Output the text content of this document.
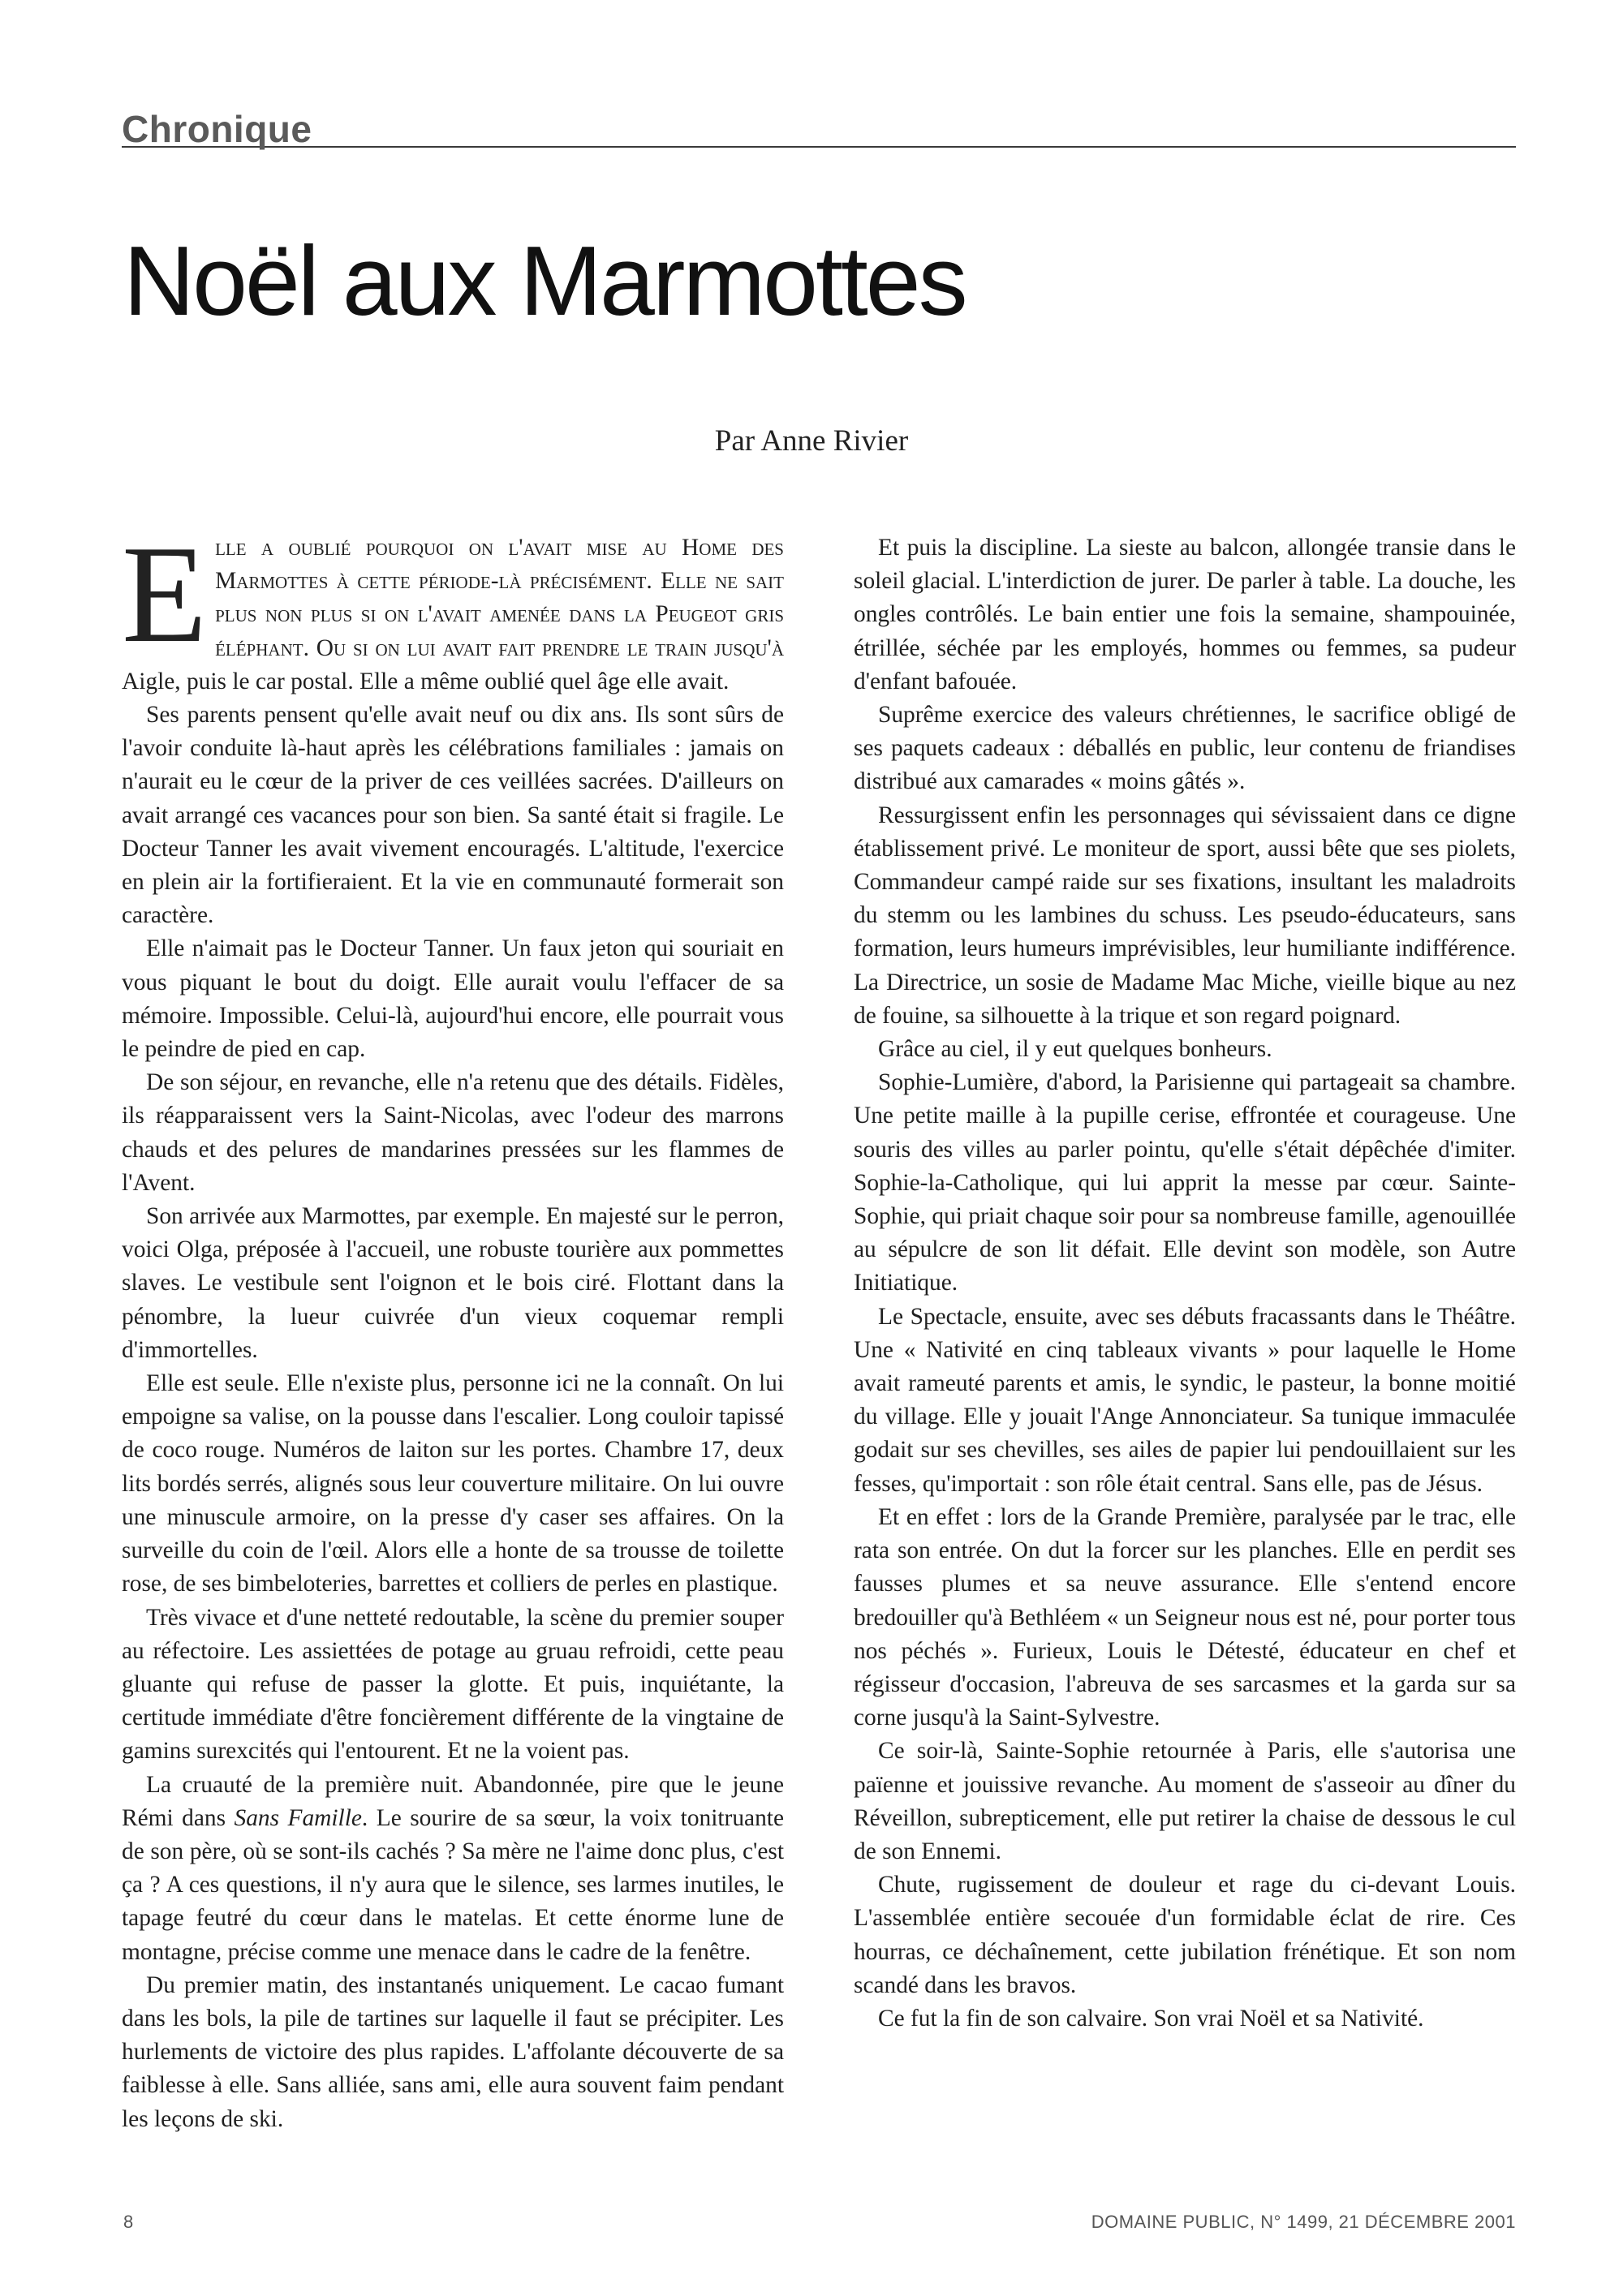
Chronique
Noël aux Marmottes
Par Anne Rivier

Elle a oublié pourquoi on l'avait mise au Home des Marmottes à cette période-là précisément. Elle ne sait plus non plus si on l'avait amenée dans la Peugeot gris éléphant. Ou si on lui avait fait prendre le train jusqu'à Aigle, puis le car postal. Elle a même oublié quel âge elle avait.

Ses parents pensent qu'elle avait neuf ou dix ans. Ils sont sûrs de l'avoir conduite là-haut après les célébrations familiales : jamais on n'aurait eu le cœur de la priver de ces veillées sacrées. D'ailleurs on avait arrangé ces vacances pour son bien. Sa santé était si fragile. Le Docteur Tanner les avait vivement encouragés. L'altitude, l'exercice en plein air la fortifieraient. Et la vie en communauté formerait son caractère.

Elle n'aimait pas le Docteur Tanner. Un faux jeton qui souriait en vous piquant le bout du doigt. Elle aurait voulu l'effacer de sa mémoire. Impossible. Celui-là, aujourd'hui encore, elle pourrait vous le peindre de pied en cap.

De son séjour, en revanche, elle n'a retenu que des détails. Fidèles, ils réapparaissent vers la Saint-Nicolas, avec l'odeur des marrons chauds et des pelures de mandarines pressées sur les flammes de l'Avent.

Son arrivée aux Marmottes, par exemple. En majesté sur le perron, voici Olga, préposée à l'accueil, une robuste tourière aux pommettes slaves. Le vestibule sent l'oignon et le bois ciré. Flottant dans la pénombre, la lueur cuivrée d'un vieux coquemar rempli d'immortelles.

Elle est seule. Elle n'existe plus, personne ici ne la connaît. On lui empoigne sa valise, on la pousse dans l'escalier. Long couloir tapissé de coco rouge. Numéros de laiton sur les portes. Chambre 17, deux lits bordés serrés, alignés sous leur couverture militaire. On lui ouvre une minuscule armoire, on la presse d'y caser ses affaires. On la surveille du coin de l'œil. Alors elle a honte de sa trousse de toilette rose, de ses bimbeloteries, barrettes et colliers de perles en plastique.

Très vivace et d'une netteté redoutable, la scène du premier souper au réfectoire. Les assiettées de potage au gruau refroidi, cette peau gluante qui refuse de passer la glotte. Et puis, inquiétante, la certitude immédiate d'être foncièrement différente de la vingtaine de gamins surexcités qui l'entourent. Et ne la voient pas.

La cruauté de la première nuit. Abandonnée, pire que le jeune Rémi dans Sans Famille. Le sourire de sa sœur, la voix tonitruante de son père, où se sont-ils cachés ? Sa mère ne l'aime donc plus, c'est ça ? A ces questions, il n'y aura que le silence, ses larmes inutiles, le tapage feutré du cœur dans le matelas. Et cette énorme lune de montagne, précise comme une menace dans le cadre de la fenêtre.

Du premier matin, des instantanés uniquement. Le cacao fumant dans les bols, la pile de tartines sur laquelle il faut se précipiter. Les hurlements de victoire des plus rapides. L'affolante découverte de sa faiblesse à elle. Sans alliée, sans ami, elle aura souvent faim pendant les leçons de ski.

Et puis la discipline. La sieste au balcon, allongée transie dans le soleil glacial. L'interdiction de jurer. De parler à table. La douche, les ongles contrôlés. Le bain entier une fois la semaine, shampouinée, étrillée, séchée par les employés, hommes ou femmes, sa pudeur d'enfant bafouée.

Suprême exercice des valeurs chrétiennes, le sacrifice obligé de ses paquets cadeaux : déballés en public, leur contenu de friandises distribué aux camarades « moins gâtés ».

Ressurgissent enfin les personnages qui sévissaient dans ce digne établissement privé. Le moniteur de sport, aussi bête que ses piolets, Commandeur campé raide sur ses fixations, insultant les maladroits du stemm ou les lambines du schuss. Les pseudo-éducateurs, sans formation, leurs humeurs imprévisibles, leur humiliante indifférence. La Directrice, un sosie de Madame Mac Miche, vieille bique au nez de fouine, sa silhouette à la trique et son regard poignard.

Grâce au ciel, il y eut quelques bonheurs.

Sophie-Lumière, d'abord, la Parisienne qui partageait sa chambre. Une petite maille à la pupille cerise, effrontée et courageuse. Une souris des villes au parler pointu, qu'elle s'était dépêchée d'imiter. Sophie-la-Catholique, qui lui apprit la messe par cœur. Sainte-Sophie, qui priait chaque soir pour sa nombreuse famille, agenouillée au sépulcre de son lit défait. Elle devint son modèle, son Autre Initiatique.

Le Spectacle, ensuite, avec ses débuts fracassants dans le Théâtre. Une « Nativité en cinq tableaux vivants » pour laquelle le Home avait rameuté parents et amis, le syndic, le pasteur, la bonne moitié du village. Elle y jouait l'Ange Annonciateur. Sa tunique immaculée godait sur ses chevilles, ses ailes de papier lui pendouillaient sur les fesses, qu'importait : son rôle était central. Sans elle, pas de Jésus.

Et en effet : lors de la Grande Première, paralysée par le trac, elle rata son entrée. On dut la forcer sur les planches. Elle en perdit ses fausses plumes et sa neuve assurance. Elle s'entend encore bredouiller qu'à Bethléem « un Seigneur nous est né, pour porter tous nos péchés ». Furieux, Louis le Détesté, éducateur en chef et régisseur d'occasion, l'abreuva de ses sarcasmes et la garda sur sa corne jusqu'à la Saint-Sylvestre.

Ce soir-là, Sainte-Sophie retournée à Paris, elle s'autorisa une païenne et jouissive revanche. Au moment de s'asseoir au dîner du Réveillon, subrepticement, elle put retirer la chaise de dessous le cul de son Ennemi.

Chute, rugissement de douleur et rage du ci-devant Louis. L'assemblée entière secouée d'un formidable éclat de rire. Ces hourras, ce déchaînement, cette jubilation frénétique. Et son nom scandé dans les bravos.

Ce fut la fin de son calvaire. Son vrai Noël et sa Nativité.

8	DOMAINE PUBLIC, N° 1499, 21 DÉCEMBRE 2001
